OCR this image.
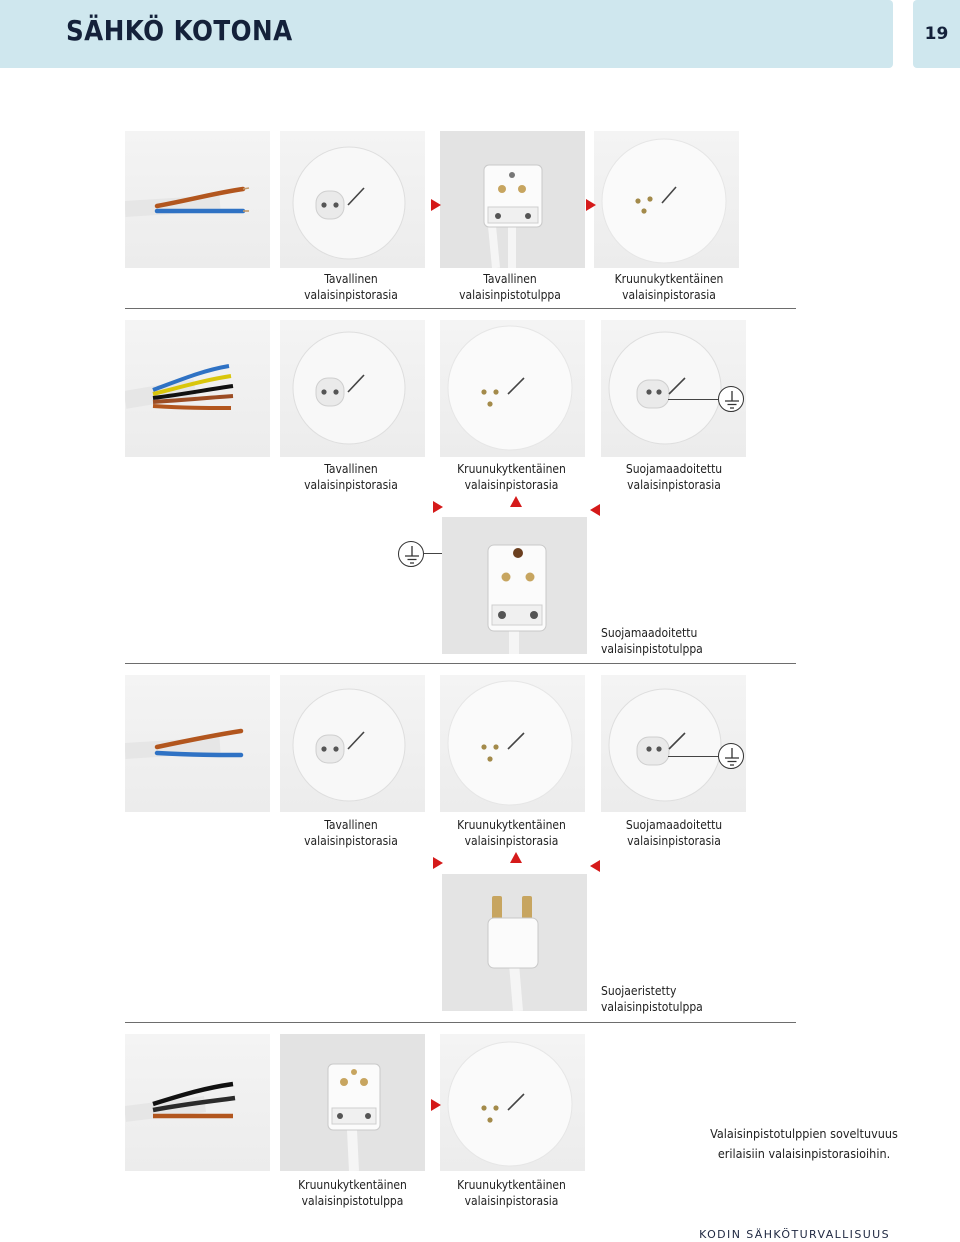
SÄHKÖ KOTONA	19
Tavallinen
valaisinpistorasia
Tavallinen
valaisinpistotulppa
Kruunukytkentäinen
valaisinpistorasia
Tavallinen
valaisinpistorasia
Kruunukytkentäinen
valaisinpistorasia
Suojamaadoitettu
valaisinpistorasia
Suojamaadoitettu
valaisinpistotulppa
Tavallinen
valaisinpistorasia
Kruunukytkentäinen
valaisinpistorasia
Suojamaadoitettu
valaisinpistorasia
Suojaeristetty
valaisinpistotulppa
Kruunukytkentäinen
valaisinpistotulppa
Kruunukytkentäinen
valaisinpistorasia
Valaisinpistotulppien soveltuvuus
erilaisiin valaisinpistorasioihin.
KODIN SÄHKÖTURVALLISUUS
